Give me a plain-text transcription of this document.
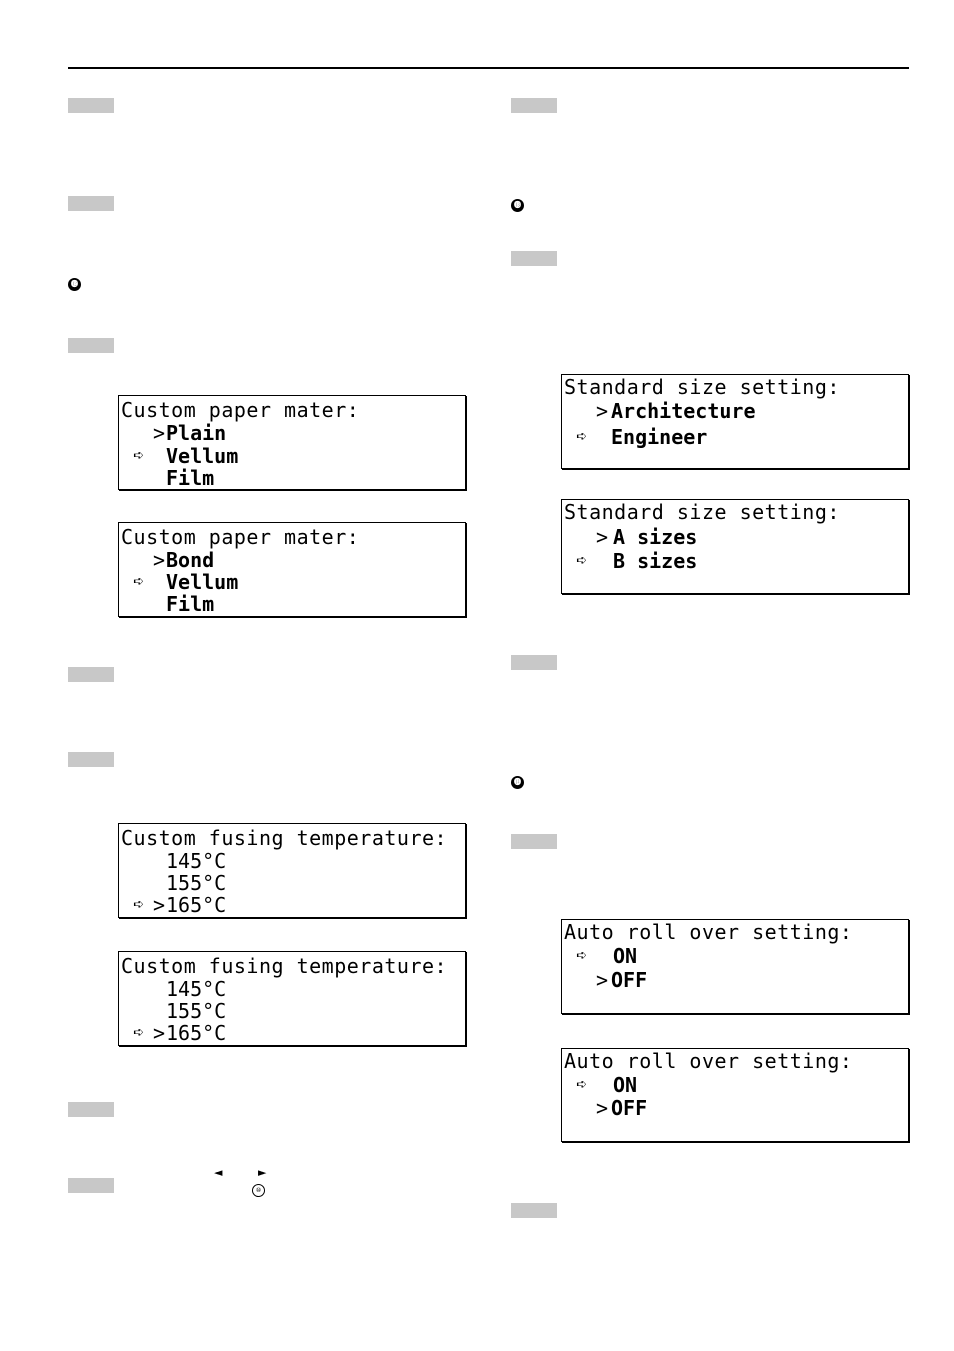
⓬
Custom paper mater:
> Plain
➪ Vellum
Film
Custom paper mater:
> Bond
➪ Vellum
Film
Custom fusing temperature:
145°C
155°C
➪ > 165°C
Custom fusing temperature:
145°C
155°C
➪ > 165°C
◄	►
⑩
⓭
Standard size setting:
> Architecture
➪ Engineer
Standard size setting:
> A sizes
➪ B sizes
⓮
Auto roll over setting:
➪ ON
> OFF
Auto roll over setting:
➪ ON
> OFF
